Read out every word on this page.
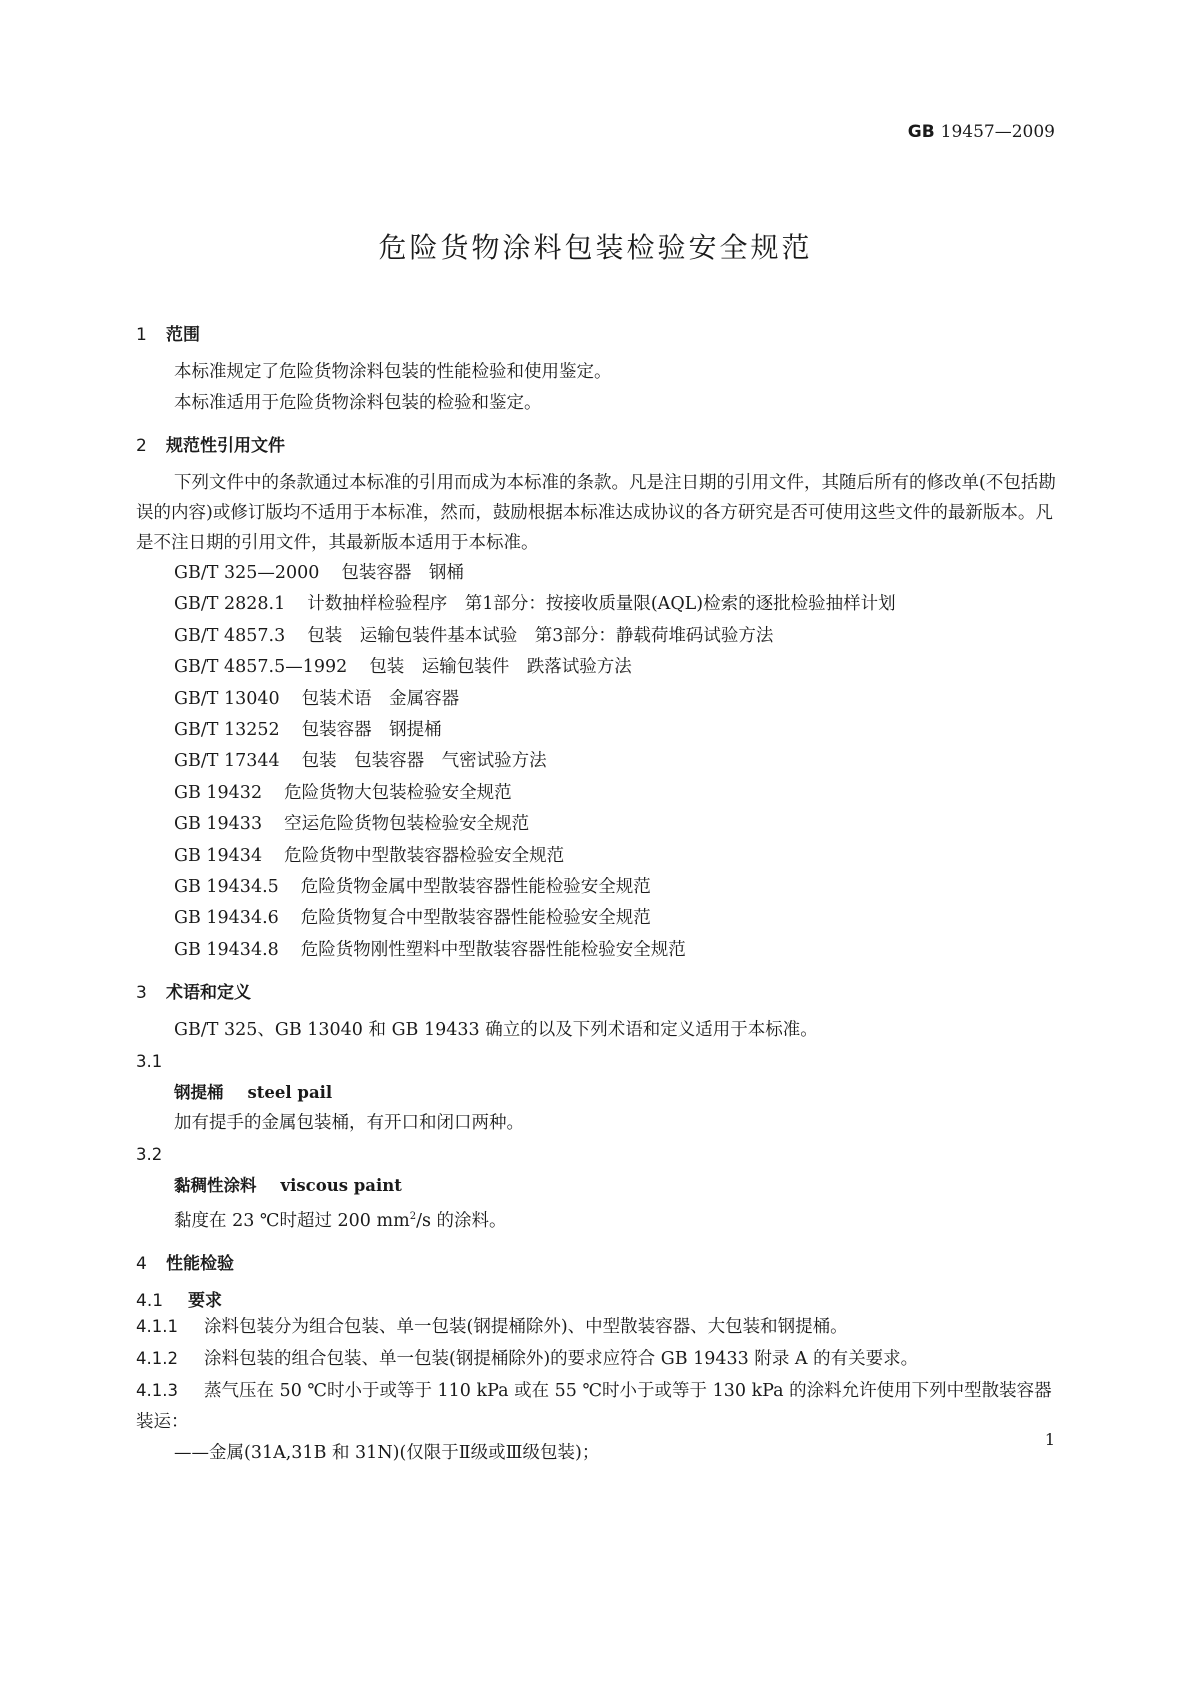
GB 19457—2009
危险货物涂料包装检验安全规范
1 范围
本标准规定了危险货物涂料包装的性能检验和使用鉴定。
本标准适用于危险货物涂料包装的检验和鉴定。
2 规范性引用文件
下列文件中的条款通过本标准的引用而成为本标准的条款。凡是注日期的引用文件，其随后所有的修改单(不包括勘误的内容)或修订版均不适用于本标准，然而，鼓励根据本标准达成协议的各方研究是否可使用这些文件的最新版本。凡是不注日期的引用文件，其最新版本适用于本标准。
GB/T 325—2000 包装容器　钢桶
GB/T 2828.1 计数抽样检验程序　第1部分：按接收质量限(AQL)检索的逐批检验抽样计划
GB/T 4857.3 包装　运输包装件基本试验　第3部分：静载荷堆码试验方法
GB/T 4857.5—1992 包装　运输包装件　跌落试验方法
GB/T 13040 包装术语　金属容器
GB/T 13252 包装容器　钢提桶
GB/T 17344 包装　包装容器　气密试验方法
GB 19432 危险货物大包装检验安全规范
GB 19433 空运危险货物包装检验安全规范
GB 19434 危险货物中型散装容器检验安全规范
GB 19434.5 危险货物金属中型散装容器性能检验安全规范
GB 19434.6 危险货物复合中型散装容器性能检验安全规范
GB 19434.8 危险货物刚性塑料中型散装容器性能检验安全规范
3 术语和定义
GB/T 325、GB 13040 和 GB 19433 确立的以及下列术语和定义适用于本标准。
3.1
钢提桶 steel pail
加有提手的金属包装桶，有开口和闭口两种。
3.2
黏稠性涂料 viscous paint
黏度在 23 ℃时超过 200 $mm^2/s$ 的涂料。
4 性能检验
4.1 要求
4.1.1 涂料包装分为组合包装、单一包装(钢提桶除外)、中型散装容器、大包装和钢提桶。
4.1.2 涂料包装的组合包装、单一包装(钢提桶除外)的要求应符合 GB 19433 附录 A 的有关要求。
4.1.3 蒸气压在 50 ℃时小于或等于 110 kPa 或在 55 ℃时小于或等于 130 kPa 的涂料允许使用下列中型散装容器装运：
——金属(31A,31B 和 31N)(仅限于Ⅱ级或Ⅲ级包装)；
1
